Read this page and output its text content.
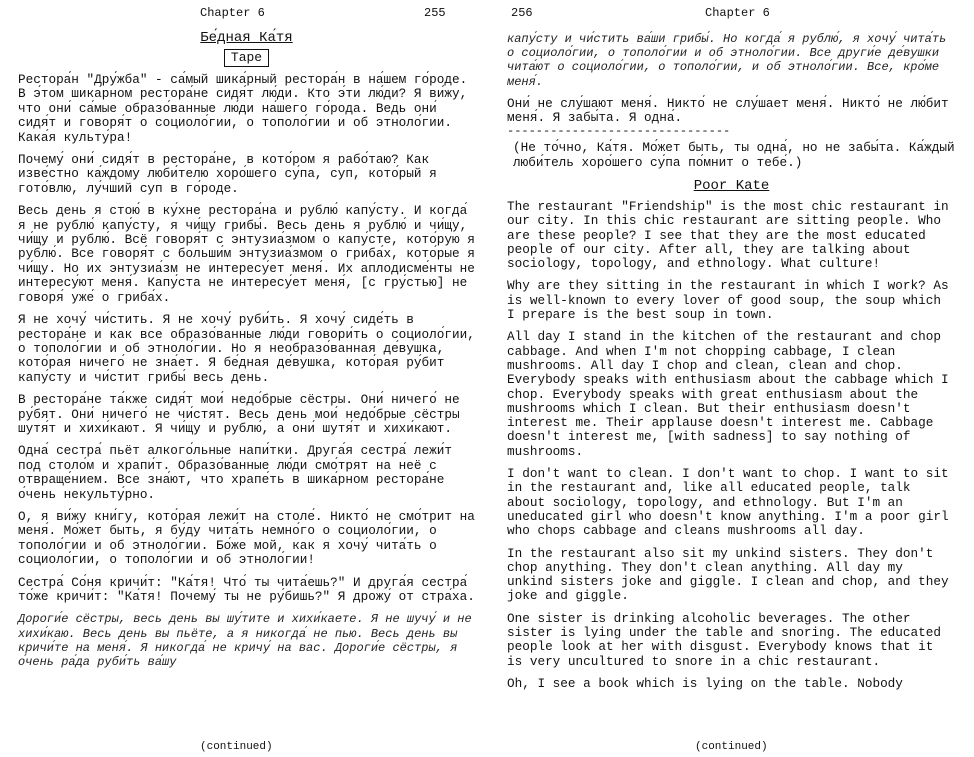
Chapter 6	255
Бе́дная Ка́тя
Tape

Рестора́н "Дру́жба" - са́мый шика́рный рестора́н в на́шем го́роде. В э́том шика́рном рестора́не сидя́т лю́ди. Кто э́ти лю́ди? Я ви́жу, что они́ са́мые образо́ванные лю́ди на́шего го́рода. Ведь они́ сидя́т и говоря́т о социоло́гии, о тополо́гии и об этноло́гии. Кака́я культу́ра!

Почему́ они́ сидя́т в рестора́не, в кото́ром я рабо́таю? Как изве́стно ка́ждому люби́телю хоро́шего су́па, суп, кото́рый я гото́влю, лу́чший суп в го́роде.

Весь день я стою́ в ку́хне рестора́на и рублю́ капу́сту. И когда́ я не рублю́ капу́сту, я чи́щу грибы́. Весь день я рублю́ и чи́щу, чи́щу и рублю́. Всё говоря́т с энтузиа́змом о капу́сте, кото́рую я рублю́. Все говоря́т с больши́м энтузиа́змом о гриба́х, кото́рые я чи́щу. Но их энтузиа́зм не интересу́ет меня́. Их аплодисме́нты не интересу́ют меня́. Капу́ста не интересу́ет меня́, [с гру́стью] не говоря́ уже́ о гриба́х.

Я не хочу́ чи́стить. Я не хочу́ руби́ть. Я хочу́ сиде́ть в рестора́не и как все образо́ванные лю́ди говори́ть о социоло́гии, о тополо́гии и об этноло́гии. Но я необразо́ванная де́вушка, кото́рая ничего́ не зна́ет. Я бе́дная де́вушка, кото́рая ру́бит капу́сту и чи́стит грибы́ весь день.

В рестора́не та́кже сидя́т мои́ недо́брые сёстры. Они́ ничего́ не ру́бят. Они́ ничего́ не чи́стят. Весь день мои́ недо́брые сёстры шутя́т и хихи́кают. Я чи́щу и рублю́, а они́ шутя́т и хихи́кают.

Одна́ сестра́ пьёт алкого́льные напи́тки. Друга́я сестра́ лежи́т под столо́м и храпи́т. Образо́ванные лю́ди смо́трят на неё с отвраще́нием. Все зна́ют, что храпе́ть в шика́рном рестора́не о́чень некульту́рно.

О, я ви́жу кни́гу, кото́рая лежи́т на столе́. Никто́ не смо́трит на меня́. Мо́жет быть, я бу́ду чита́ть немно́го о социоло́гии, о тополо́гии и об этноло́гии. Бо́же мой, как я хочу́ чита́ть о социоло́гии, о тополо́гии и об этноло́гии!

Сестра́ Со́ня кричи́т: "Ка́тя! Что́ ты чита́ешь?" И друга́я сестра́ то́же кричи́т: "Ка́тя! Почему́ ты не ру́бишь?" Я дрожу́ от стра́ха.

Дороги́е сёстры, весь день вы шу́тите и хихи́каете. Я не шучу́ и не хихи́каю. Весь день вы пьёте, а я никогда́ не пью. Весь день вы кричи́те на меня́. Я никогда́ не кричу́ на вас. Дороги́е сёстры, я о́чень ра́да руби́ть ва́шу
(continued)
256	Chapter 6

капу́сту и чи́стить ва́ши грибы́. Но когда́ я рублю́, я хочу́ чита́ть о социоло́гии, о тополо́гии и об этноло́гии. Все други́е де́вушки чита́ют о социоло́гии, о тополо́гии, и об этноло́гии. Все, кро́ме меня́.

Они́ не слу́шают меня́. Никто́ не слу́шает меня́. Никто́ не лю́бит меня́. Я забы́та. Я одна́.
-------------------------------
(Не то́чно, Ка́тя. Мо́жет быть, ты одна́, но не забы́та. Ка́ждый люби́тель хоро́шего су́па по́мнит о тебе́.)
Poor Kate

The restaurant "Friendship" is the most chic restaurant in our city. In this chic restaurant are sitting people. Who are these people? I see that they are the most educated people of our city. After all, they are talking about sociology, topology, and ethnology. What culture!

Why are they sitting in the restaurant in which I work? As is well-known to every lover of good soup, the soup which I prepare is the best soup in town.

All day I stand in the kitchen of the restaurant and chop cabbage. And when I'm not chopping cabbage, I clean mushrooms. All day I chop and clean, clean and chop. Everybody speaks with enthusiasm about the cabbage which I chop. Everybody speaks with great enthusiasm about the mushrooms which I clean. But their enthusiasm doesn't interest me. Their applause doesn't interest me. Cabbage doesn't interest me, [with sadness] to say nothing of mushrooms.

I don't want to clean. I don't want to chop. I want to sit in the restaurant and, like all educated people, talk about sociology, topology, and ethnology. But I'm an uneducated girl who doesn't know anything. I'm a poor girl who chops cabbage and cleans mushrooms all day.

In the restaurant also sit my unkind sisters. They don't chop anything. They don't clean anything. All day my unkind sisters joke and giggle. I clean and chop, and they joke and giggle.

One sister is drinking alcoholic beverages. The other sister is lying under the table and snoring. The educated people look at her with disgust. Everybody knows that it is very uncultured to snore in a chic restaurant.

Oh, I see a book which is lying on the table. Nobody

(continued)
